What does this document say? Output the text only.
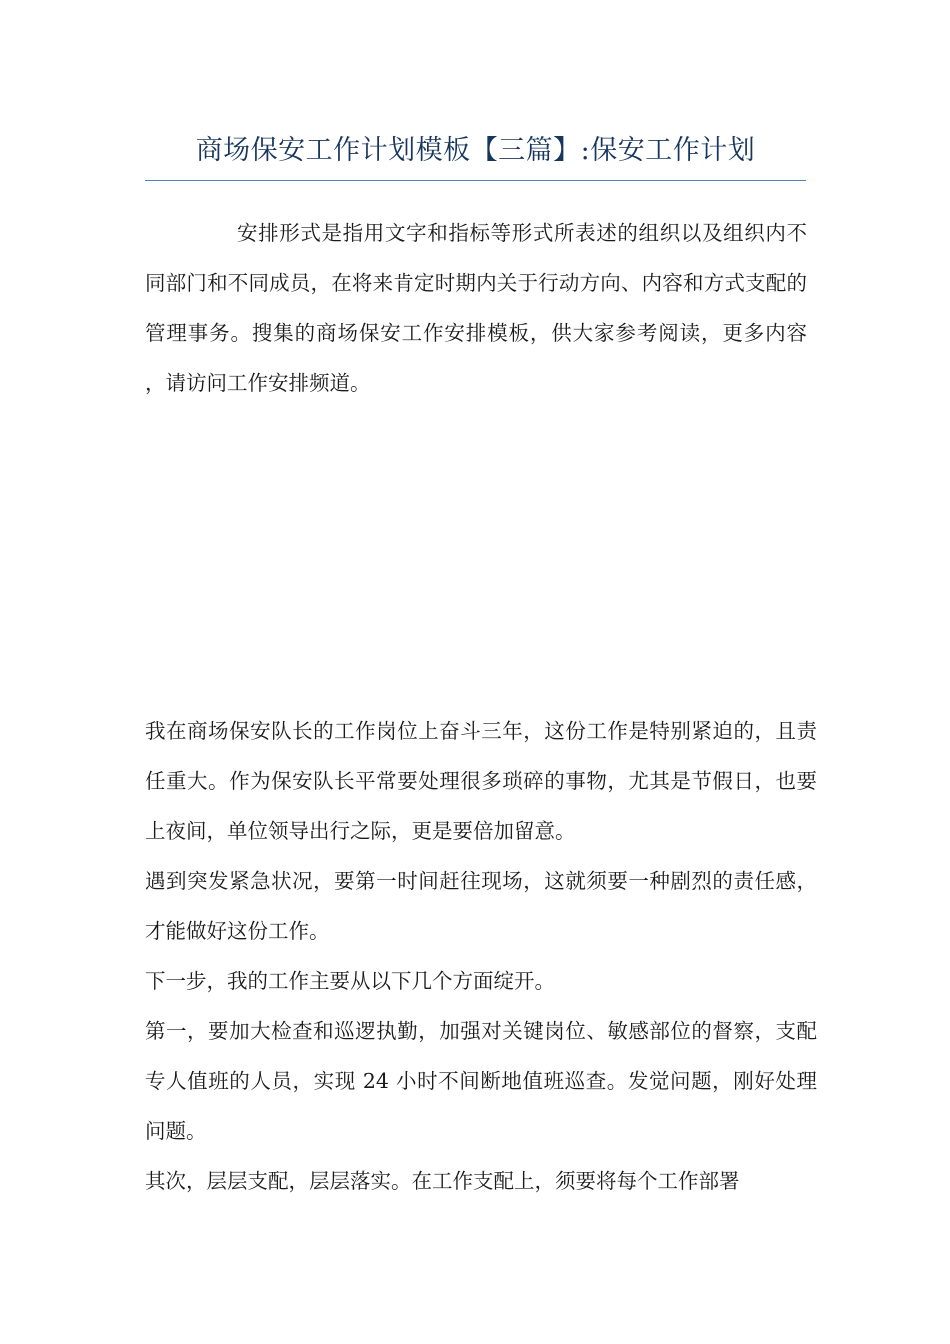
商场保安工作计划模板【三篇】:保安工作计划

安排形式是指用文字和指标等形式所表述的组织以及组织内不同部门和不同成员，在将来肯定时期内关于行动方向、内容和方式支配的管理事务。搜集的商场保安工作安排模板，供大家参考阅读，更多内容 ，请访问工作安排频道。

我在商场保安队长的工作岗位上奋斗三年，这份工作是特别紧迫的，且责任重大。作为保安队长平常要处理很多琐碎的事物，尤其是节假日，也要上夜间，单位领导出行之际，更是要倍加留意。

遇到突发紧急状况，要第一时间赶往现场，这就须要一种剧烈的责任感，才能做好这份工作。

下一步，我的工作主要从以下几个方面绽开。

第一，要加大检查和巡逻执勤，加强对关键岗位、敏感部位的督察，支配专人值班的人员，实现 24 小时不间断地值班巡查。发觉问题，刚好处理问题。

其次，层层支配，层层落实。在工作支配上，须要将每个工作部署
